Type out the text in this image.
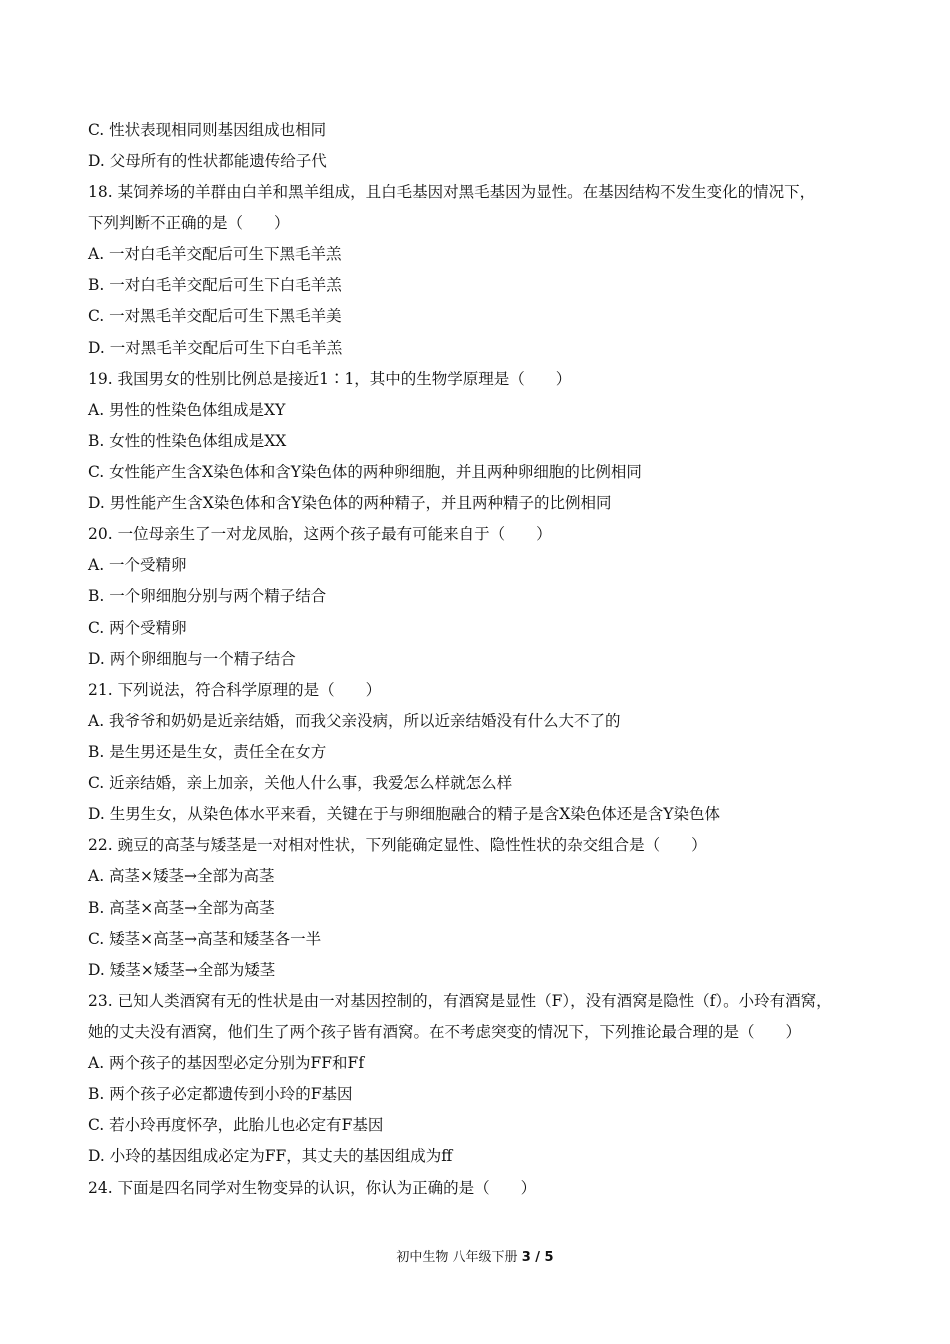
C. 性状表现相同则基因组成也相同
D. 父母所有的性状都能遗传给子代
18. 某饲养场的羊群由白羊和黑羊组成，且白毛基因对黑毛基因为显性。在基因结构不发生变化的情况下，
下列判断不正确的是（　　）
A. 一对白毛羊交配后可生下黑毛羊羔
B. 一对白毛羊交配后可生下白毛羊羔
C. 一对黑毛羊交配后可生下黑毛羊美
D. 一对黑毛羊交配后可生下白毛羊羔
19. 我国男女的性别比例总是接近1∶1，其中的生物学原理是（　　）
A. 男性的性染色体组成是XY
B. 女性的性染色体组成是XX
C. 女性能产生含X染色体和含Y染色体的两种卵细胞，并且两种卵细胞的比例相同
D. 男性能产生含X染色体和含Y染色体的两种精子，并且两种精子的比例相同
20. 一位母亲生了一对龙凤胎，这两个孩子最有可能来自于（　　）
A. 一个受精卵
B. 一个卵细胞分别与两个精子结合
C. 两个受精卵
D. 两个卵细胞与一个精子结合
21. 下列说法，符合科学原理的是（　　）
A. 我爷爷和奶奶是近亲结婚，而我父亲没病，所以近亲结婚没有什么大不了的
B. 是生男还是生女，责任全在女方
C. 近亲结婚，亲上加亲，关他人什么事，我爱怎么样就怎么样
D. 生男生女，从染色体水平来看，关键在于与卵细胞融合的精子是含X染色体还是含Y染色体
22. 豌豆的高茎与矮茎是一对相对性状，下列能确定显性、隐性性状的杂交组合是（　　）
A. 高茎×矮茎→全部为高茎
B. 高茎×高茎→全部为高茎
C. 矮茎×高茎→高茎和矮茎各一半
D. 矮茎×矮茎→全部为矮茎
23. 已知人类酒窝有无的性状是由一对基因控制的，有酒窝是显性（F），没有酒窝是隐性（f）。小玲有酒窝，
她的丈夫没有酒窝，他们生了两个孩子皆有酒窝。在不考虑突变的情况下，下列推论最合理的是（　　）
A. 两个孩子的基因型必定分别为FF和Ff
B. 两个孩子必定都遗传到小玲的F基因
C. 若小玲再度怀孕，此胎儿也必定有F基因
D. 小玲的基因组成必定为FF，其丈夫的基因组成为ff
24. 下面是四名同学对生物变异的认识，你认为正确的是（　　）
初中生物 八年级下册 3 / 5
